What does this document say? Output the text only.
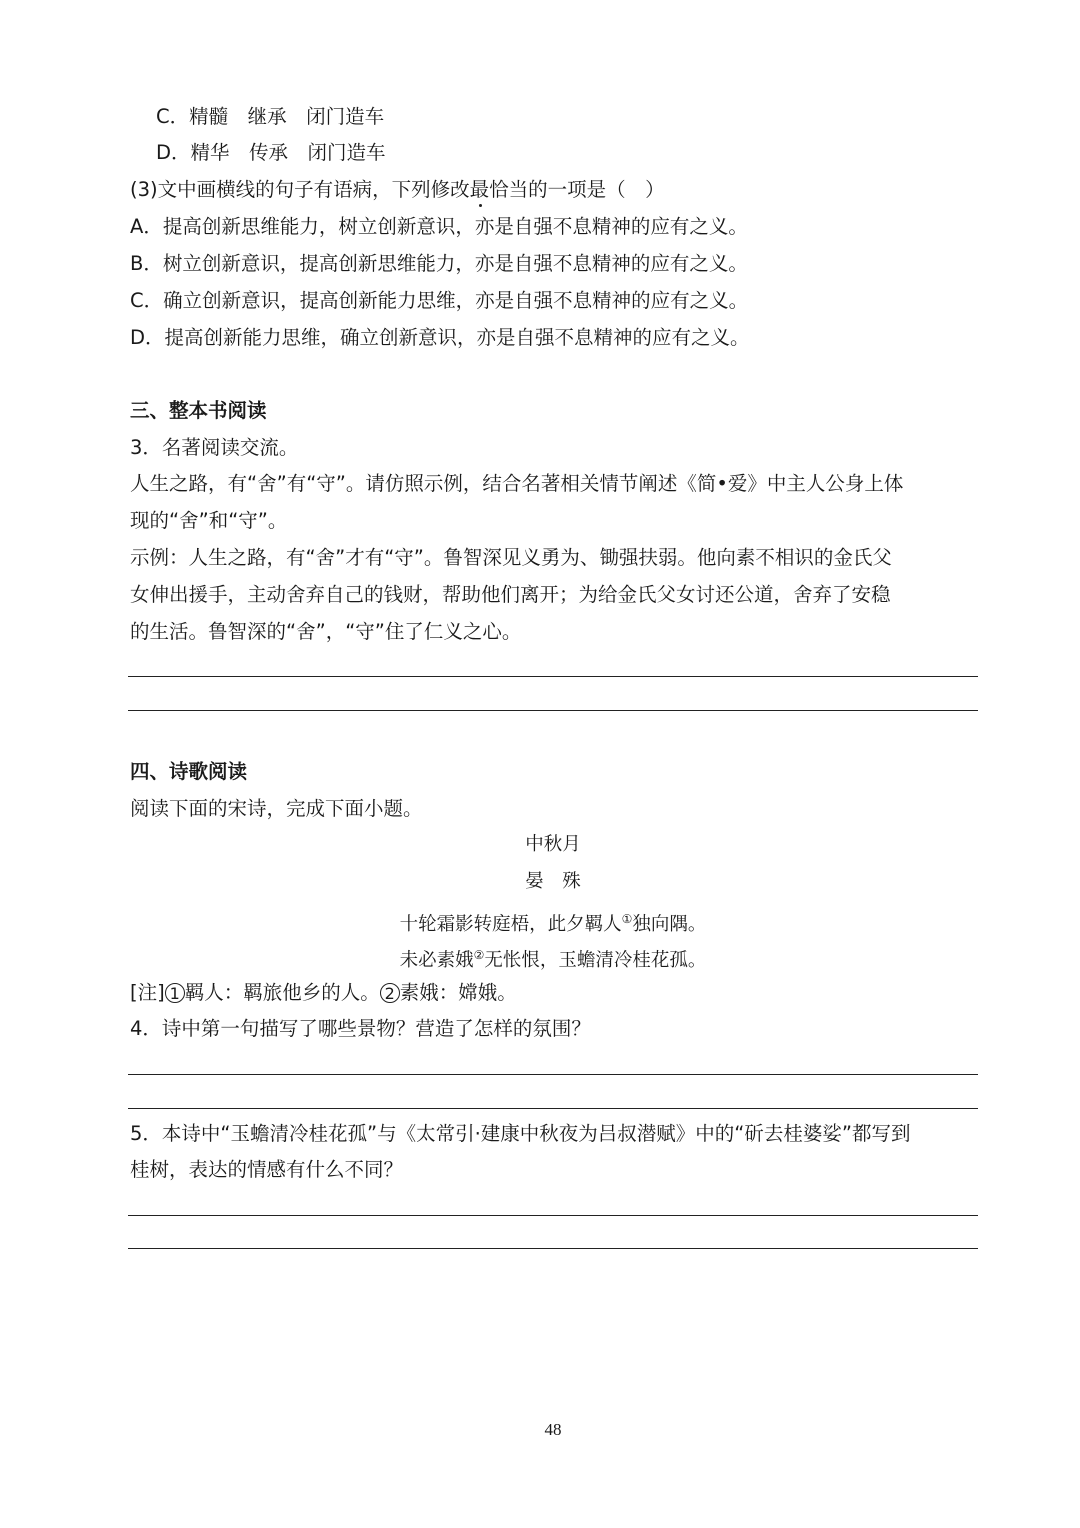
C．精髓　继承　闭门造车
D．精华　传承　闭门造车
(3)文中画横线的句子有语病，下列修改最恰当的一项是（　）
A．提高创新思维能力，树立创新意识，亦是自强不息精神的应有之义。
B．树立创新意识，提高创新思维能力，亦是自强不息精神的应有之义。
C．确立创新意识，提高创新能力思维，亦是自强不息精神的应有之义。
D．提高创新能力思维，确立创新意识，亦是自强不息精神的应有之义。
三、整本书阅读
3．名著阅读交流。
人生之路，有“舍”有“守”。请仿照示例，结合名著相关情节阐述《简•爱》中主人公身上体
现的“舍”和“守”。
示例：人生之路，有“舍”才有“守”。鲁智深见义勇为、锄强扶弱。他向素不相识的金氏父
女伸出援手，主动舍弃自己的钱财，帮助他们离开；为给金氏父女讨还公道，舍弃了安稳
的生活。鲁智深的“舍”，“守”住了仁义之心。
四、诗歌阅读
阅读下面的宋诗，完成下面小题。
中秋月
晏　殊
十轮霜影转庭梧，此夕羁人①独向隅。
未必素娥②无怅恨，玉蟾清冷桂花孤。
[注] 1 羁人：羁旅他乡的人。 2 素娥：嫦娥。
4．诗中第一句描写了哪些景物？营造了怎样的氛围？
5．本诗中“玉蟾清冷桂花孤”与《太常引·建康中秋夜为吕叔潜赋》中的“斫去桂婆娑”都写到
桂树，表达的情感有什么不同？
48
